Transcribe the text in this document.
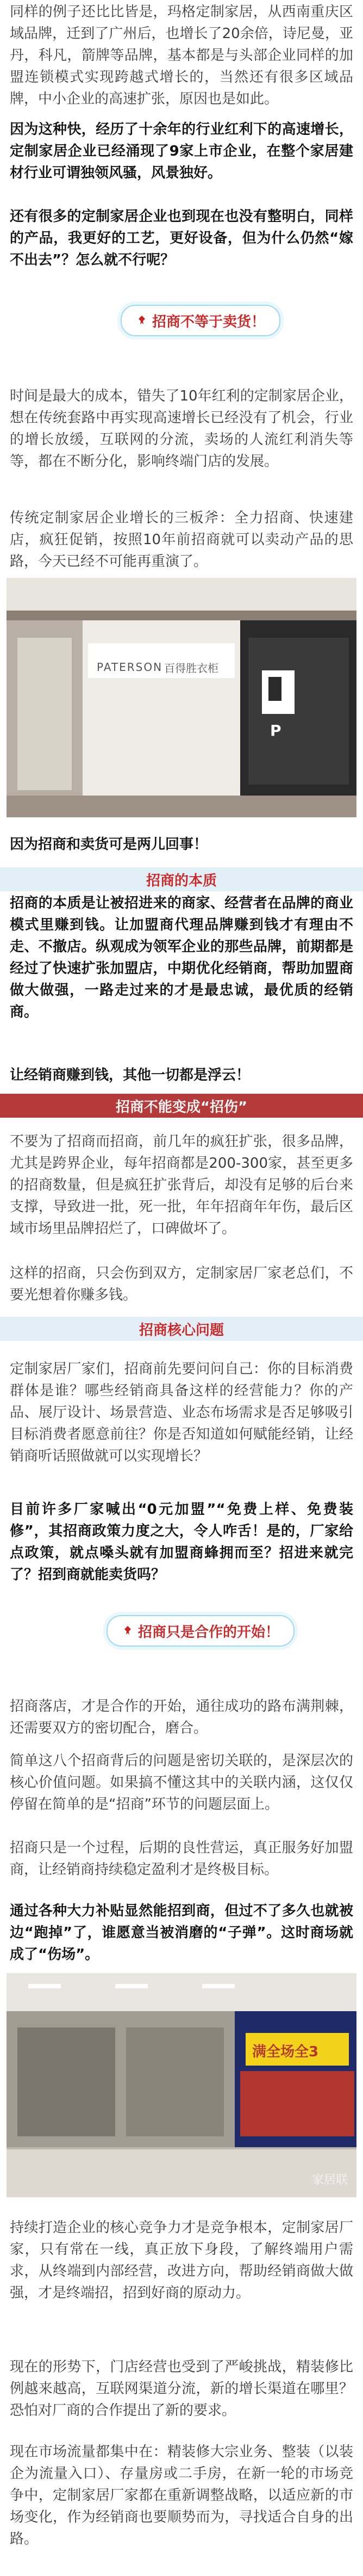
同样的例子还比比皆是，玛格定制家居，从西南重庆区域品牌，迁到了广州后，也增长了20余倍，诗尼曼，亚丹，科凡，箭牌等品牌，基本都是与头部企业同样的加盟连锁模式实现跨越式增长的，当然还有很多区域品牌，中小企业的高速扩张，原因也是如此。

因为这种快，经历了十余年的行业红利下的高速增长，定制家居企业已经涌现了9家上市企业，在整个家居建材行业可谓独领风骚，风景独好。

还有很多的定制家居企业也到现在也没有整明白，同样的产品，我更好的工艺，更好设备，但为什么仍然“嫁不出去”？怎么就不行呢？

招商不等于卖货！

时间是最大的成本，错失了10年红利的定制家居企业，想在传统套路中再实现高速增长已经没有了机会，行业的增长放缓，互联网的分流，卖场的人流红利消失等等，都在不断分化，影响终端门店的发展。

传统定制家居企业增长的三板斧：全力招商、快速建店，疯狂促销，按照10年前招商就可以卖动产品的思路，今天已经不可能再重演了。

P
PATERSON 百得胜衣柜

因为招商和卖货可是两儿回事！

招商的本质

招商的本质是让被招进来的商家、经营者在品牌的商业模式里赚到钱。让加盟商代理品牌赚到钱才有理由不走、不撤店。纵观成为领军企业的那些品牌，前期都是经过了快速扩张加盟店，中期优化经销商，帮助加盟商做大做强，一路走过来的才是最忠诚，最优质的经销商。

让经销商赚到钱，其他一切都是浮云！

招商不能变成“招伤”

不要为了招商而招商，前几年的疯狂扩张，很多品牌，尤其是跨界企业，每年招商都是200-300家，甚至更多的招商数量，但是疯狂扩张背后，却没有足够的后台来支撑，导致进一批，死一批，年年招商年年伤，最后区域市场里品牌招烂了，口碑做坏了。

这样的招商，只会伤到双方，定制家居厂家老总们，不要光想着你赚多钱。

招商核心问题

定制家居厂家们，招商前先要问问自己：你的目标消费群体是谁？哪些经销商具备这样的经营能力？你的产品、展厅设计、场景营造、业态布场需求是否足够吸引目标消费者愿意前往？你是否知道如何赋能经销，让经销商听话照做就可以实现增长？

目前许多厂家喊出“0元加盟”“免费上样、免费装修”，其招商政策力度之大，令人咋舌！是的，厂家给点政策，就点嗓头就有加盟商蜂拥而至？招进来就完了？招到商就能卖货吗？

招商只是合作的开始！

招商落店，才是合作的开始，通往成功的路布满荆棘，还需要双方的密切配合，磨合。

简单这八个招商背后的问题是密切关联的，是深层次的核心价值问题。如果搞不懂这其中的关联内涵，这仅仅停留在简单的是“招商”环节的问题层面上。

招商只是一个过程，后期的良性营运，真正服务好加盟商，让经销商持续稳定盈利才是终极目标。

通过各种大力补贴显然能招到商，但过不了多久也就被边“跑掉”了，谁愿意当被消磨的“子弹”。这时商场就成了“伤场”。

满全场全3
家居联

持续打造企业的核心竞争力才是竞争根本，定制家居厂家，只有常在一线，真正放下身段，了解终端用户需求，从终端到内部经营，改进方向，帮助经销商做大做强，才是终端招，招到好商的原动力。

现在的形势下，门店经营也受到了严峻挑战，精装修比例越来越高，互联网渠道分流，新的增长渠道在哪里？恐怕对厂商的合作提出了新的要求。

现在市场流量都集中在：精装修大宗业务、整装（以装企为流量入口）、存量房或二手房，在新一轮的市场竞争中，定制家居厂家都在重新调整战略，以适应新的市场变化，作为经销商也要顺势而为，寻找适合自身的出路。
